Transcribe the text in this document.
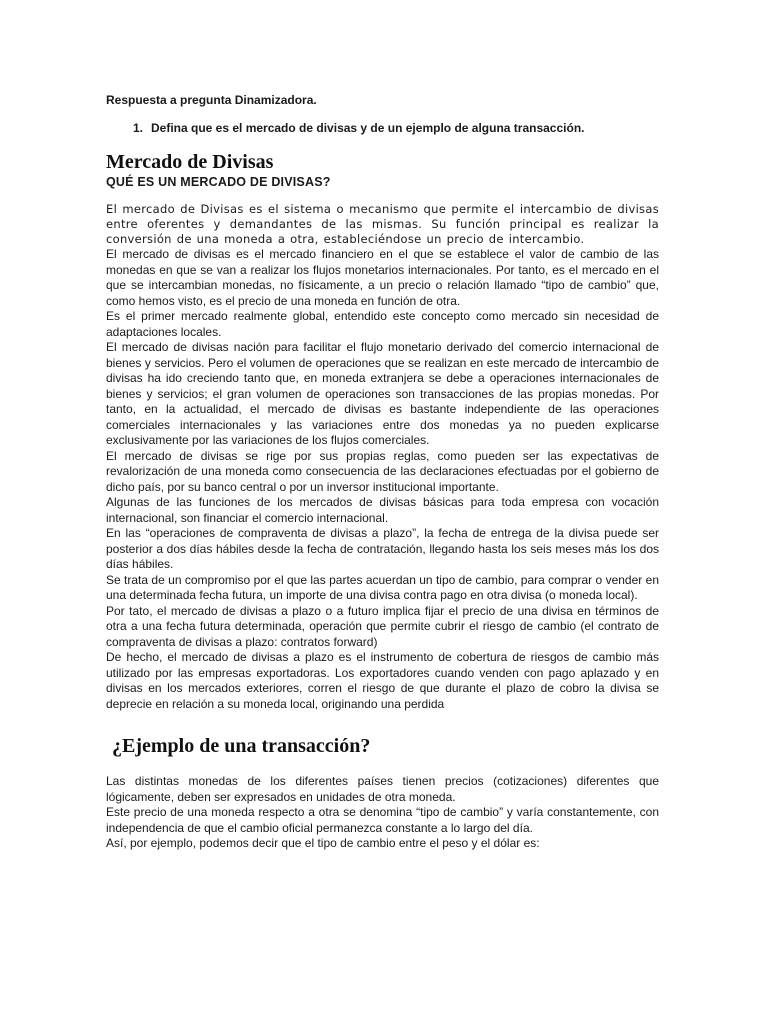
Respuesta a pregunta Dinamizadora.

1. Defina que es el mercado de divisas y de un ejemplo de alguna transacción.

Mercado de Divisas
QUÉ ES UN MERCADO DE DIVISAS?

El mercado de Divisas es el sistema o mecanismo que permite el intercambio de divisas entre oferentes y demandantes de las mismas. Su función principal es realizar la conversión de una moneda a otra, estableciéndose un precio de intercambio.

El mercado de divisas es el mercado financiero en el que se establece el valor de cambio de las monedas en que se van a realizar los flujos monetarios internacionales. Por tanto, es el mercado en el que se intercambian monedas, no físicamente, a un precio o relación llamado “tipo de cambio” que, como hemos visto, es el precio de una moneda en función de otra.

Es el primer mercado realmente global, entendido este concepto como mercado sin necesidad de adaptaciones locales.

El mercado de divisas nación para facilitar el flujo monetario derivado del comercio internacional de bienes y servicios. Pero el volumen de operaciones que se realizan en este mercado de intercambio de divisas ha ido creciendo tanto que, en moneda extranjera se debe a operaciones internacionales de bienes y servicios; el gran volumen de operaciones son transacciones de las propias monedas. Por tanto, en la actualidad, el mercado de divisas es bastante independiente de las operaciones comerciales internacionales y las variaciones entre dos monedas ya no pueden explicarse exclusivamente por las variaciones de los flujos comerciales.

El mercado de divisas se rige por sus propias reglas, como pueden ser las expectativas de revalorización de una moneda como consecuencia de las declaraciones efectuadas por el gobierno de dicho país, por su banco central o por un inversor institucional importante.

Algunas de las funciones de los mercados de divisas básicas para toda empresa con vocación internacional, son financiar el comercio internacional.

En las “operaciones de compraventa de divisas a plazo”, la fecha de entrega de la divisa puede ser posterior a dos días hábiles desde la fecha de contratación, llegando hasta los seis meses más los dos días hábiles.

Se trata de un compromiso por el que las partes acuerdan un tipo de cambio, para comprar o vender en una determinada fecha futura, un importe de una divisa contra pago en otra divisa (o moneda local).

Por tato, el mercado de divisas a plazo o a futuro implica fijar el precio de una divisa en términos de otra a una fecha futura determinada, operación que permite cubrir el riesgo de cambio (el contrato de compraventa de divisas a plazo: contratos forward)

De hecho, el mercado de divisas a plazo es el instrumento de cobertura de riesgos de cambio más utilizado por las empresas exportadoras. Los exportadores cuando venden con pago aplazado y en divisas en los mercados exteriores, corren el riesgo de que durante el plazo de cobro la divisa se deprecie en relación a su moneda local, originando una perdida

¿Ejemplo de una transacción?

Las distintas monedas de los diferentes países tienen precios (cotizaciones) diferentes que lógicamente, deben ser expresados en unidades de otra moneda.

Este precio de una moneda respecto a otra se denomina “tipo de cambio” y varía constantemente, con independencia de que el cambio oficial permanezca constante a lo largo del día.

Así, por ejemplo, podemos decir que el tipo de cambio entre el peso y el dólar es:
